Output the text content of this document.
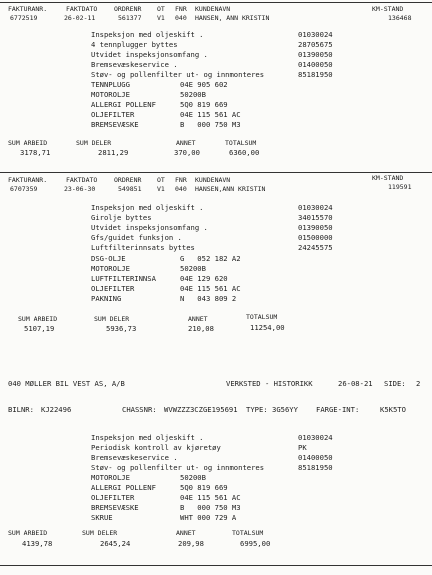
FAKTURANR.	FAKTDATO	ORDRENR OT FNR KUNDENAVN	KM-STAND
6772519	26-02-11	561377 V1 040 HANSEN, ANN KRISTIN	136468
Inspeksjon med oljeskift .	01030024
4 tennplugger byttes	28705675
Utvidet inspeksjonsomfang .	01390050
Bremsevæskeservice .	01400050
Støv- og pollenfilter ut- og innmonteres	85181950
TENNPLUGG	04E 905 602
MOTOROLJE	50200B
ALLERGI POLLENF	5Q0 819 669
OLJEFILTER	04E 115 561 AC
BREMSEVÆSKE	B   000 750 M3
SUM ARBEID	SUM DELER	ANNET	TOTALSUM
3178,71	2811,29	370,00	6360,00
FAKTURANR.	FAKTDATO	ORDRENR OT FNR KUNDENAVN	KM-STAND
6707359	23-06-30	549851 V1 040 HANSEN,ANN KRISTIN	119591
Inspeksjon med oljeskift .	01030024
Girolje byttes	34015570
Utvidet inspeksjonsomfang .	01390050
Gfs/guidet funksjon .	01500000
Luftfilterinnsats byttes	24245575
DSG-OLJE	G   052 182 A2
MOTOROLJE	50200B
LUFTFILTERINNSA	04E 129 620
OLJEFILTER	04E 115 561 AC
PAKNING	N   043 809 2
SUM ARBEID	SUM DELER	ANNET	TOTALSUM
5107,19	5936,73	210,08	11254,00
040 MØLLER BIL VEST AS, A/B	VERKSTED - HISTORIKK	26-08-21 SIDE: 2
BILNR: KJ22496	CHASSNR: WVWZZZ3CZGE195691 TYPE: 3G56YY	FARGE-INT:	K5K5TO
Inspeksjon med oljeskift .	01030024
Periodisk kontroll av kjøretøy	PK
Bremsevæskeservice .	01400050
Støv- og pollenfilter ut- og innmonteres	85181950
MOTOROLJE	50200B
ALLERGI POLLENF	5Q0 819 669
OLJEFILTER	04E 115 561 AC
BREMSEVÆSKE	B   000 750 M3
SKRUE	WHT 000 729 A
SUM ARBEID	SUM DELER	ANNET	TOTALSUM
4139,78	2645,24	209,98	6995,00
